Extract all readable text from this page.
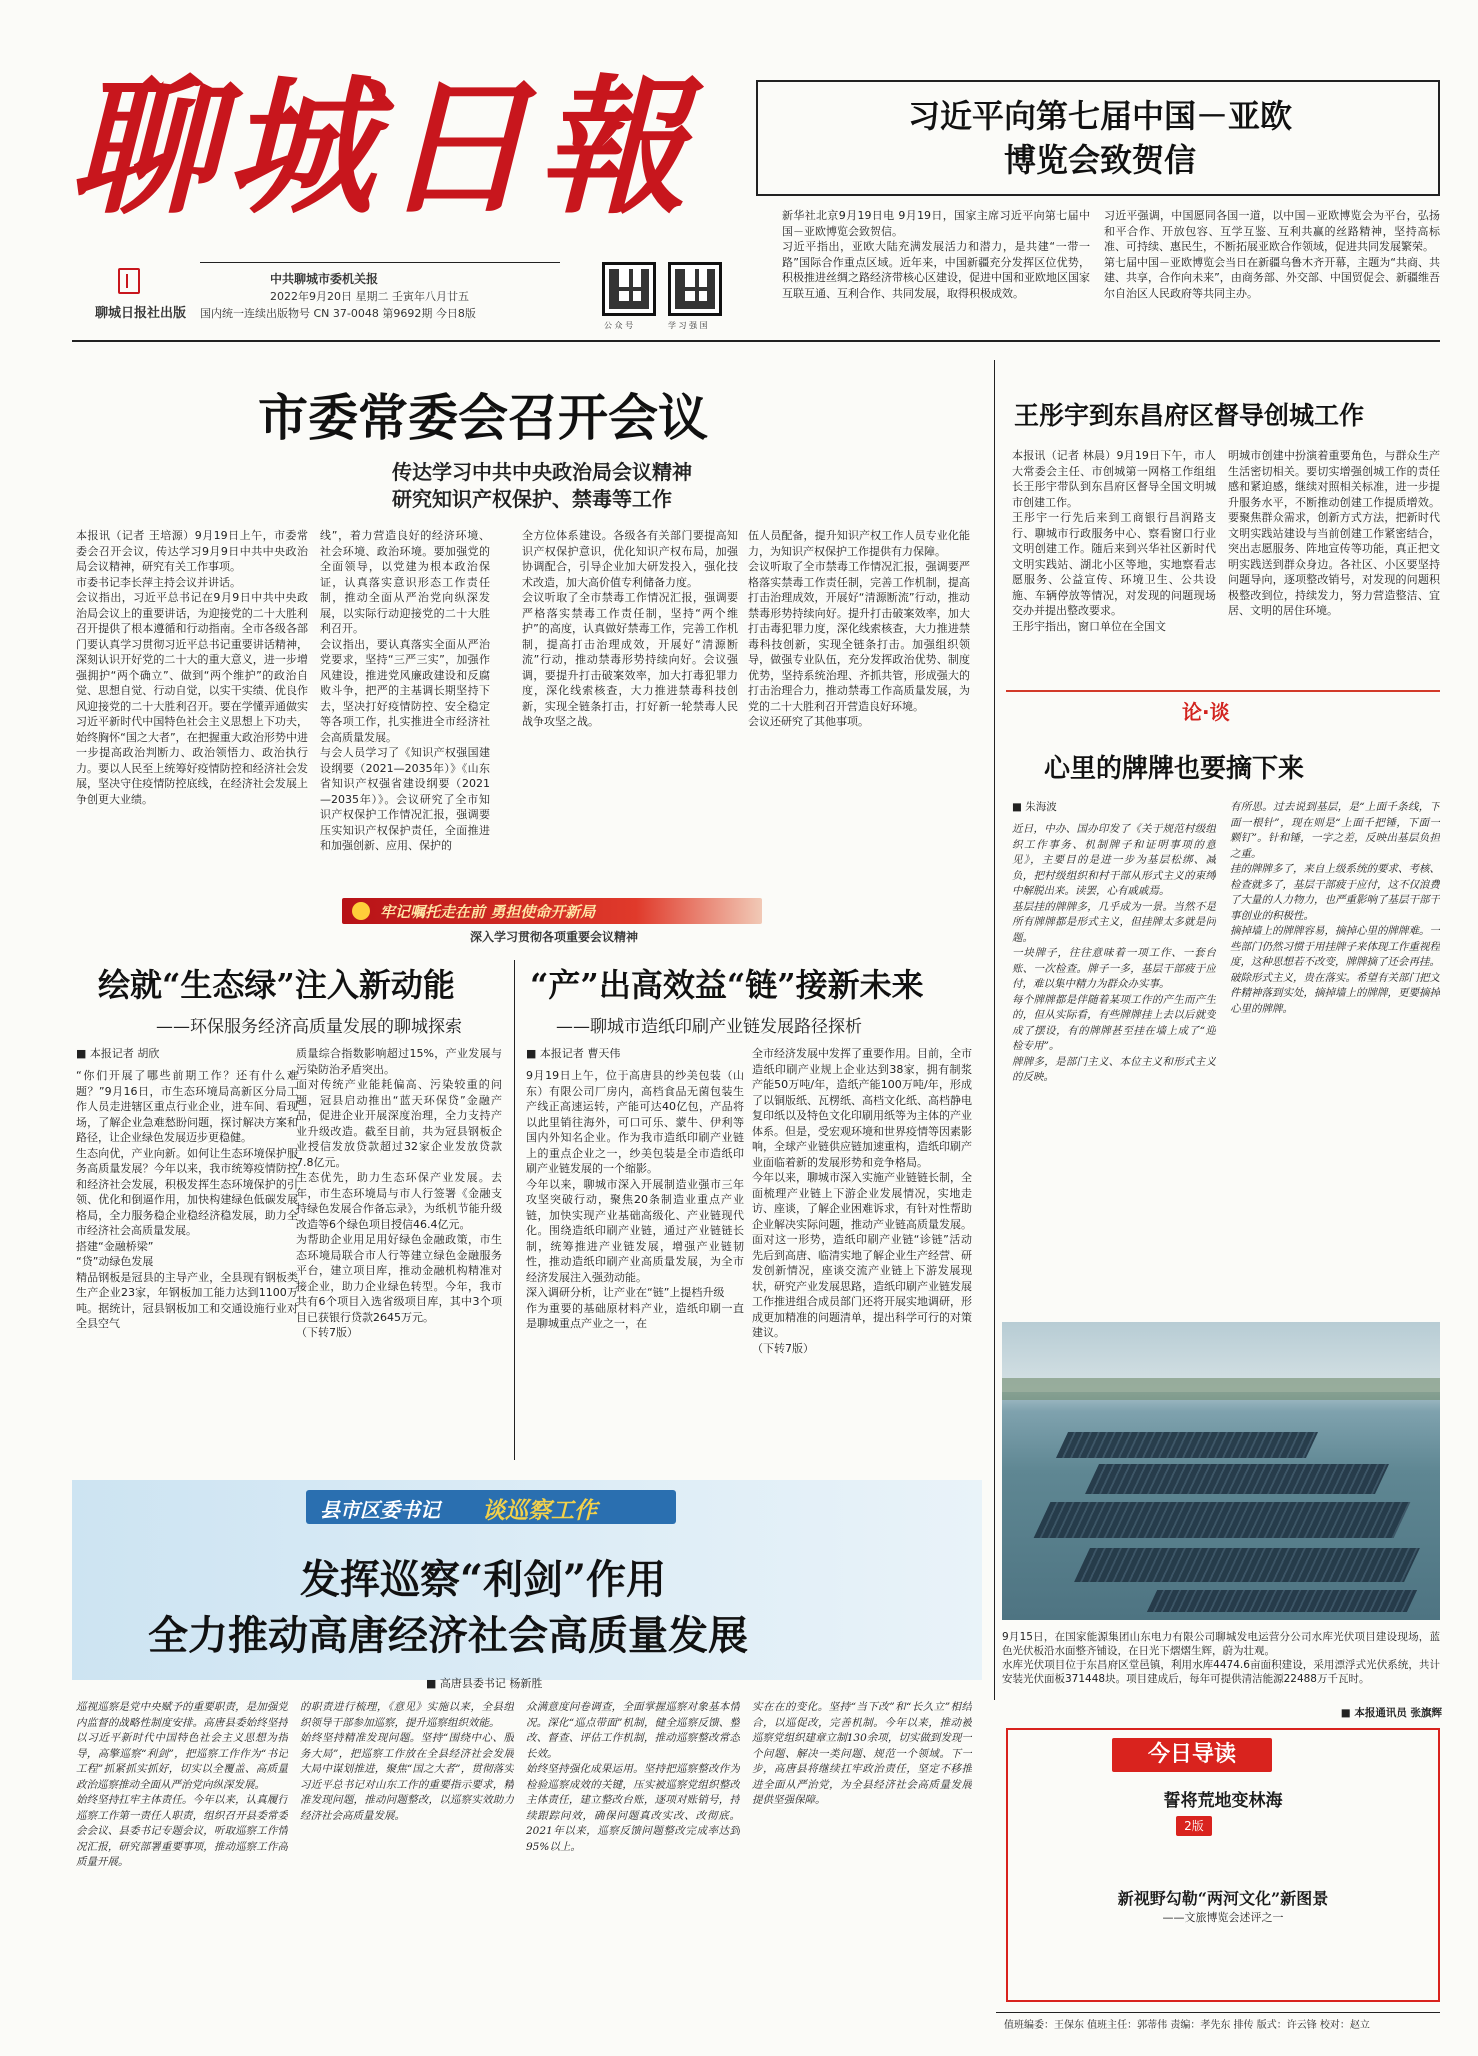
聊城日報
聊城日报社出版
中共聊城市委机关报
2022年9月20日 星期二 壬寅年八月廿五
国内统一连续出版物号 CN 37-0048 第9692期 今日8版
公 众 号	学 习 强 国
习近平向第七届中国－亚欧
博览会致贺信
新华社北京9月19日电 9月19日，国家主席习近平向第七届中国－亚欧博览会致贺信。
习近平指出，亚欧大陆充满发展活力和潜力，是共建“一带一路”国际合作重点区域。近年来，中国新疆充分发挥区位优势，积极推进丝绸之路经济带核心区建设，促进中国和亚欧地区国家互联互通、互利合作、共同发展，取得积极成效。
习近平强调，中国愿同各国一道，以中国－亚欧博览会为平台，弘扬和平合作、开放包容、互学互鉴、互利共赢的丝路精神，坚持高标准、可持续、惠民生，不断拓展亚欧合作领域，促进共同发展繁荣。
第七届中国－亚欧博览会当日在新疆乌鲁木齐开幕，主题为“共商、共建、共享，合作向未来”，由商务部、外交部、中国贸促会、新疆维吾尔自治区人民政府等共同主办。
市委常委会召开会议
传达学习中共中央政治局会议精神
研究知识产权保护、禁毒等工作
本报讯（记者 王培源）9月19日上午，市委常委会召开会议，传达学习9月9日中共中央政治局会议精神，研究有关工作事项。
市委书记李长萍主持会议并讲话。
会议指出，习近平总书记在9月9日中共中央政治局会议上的重要讲话，为迎接党的二十大胜利召开提供了根本遵循和行动指南。全市各级各部门要认真学习贯彻习近平总书记重要讲话精神，深刻认识开好党的二十大的重大意义，进一步增强拥护“两个确立”、做到“两个维护”的政治自觉、思想自觉、行动自觉，以实干实绩、优良作风迎接党的二十大胜利召开。要在学懂弄通做实习近平新时代中国特色社会主义思想上下功夫，始终胸怀“国之大者”，在把握重大政治形势中进一步提高政治判断力、政治领悟力、政治执行力。要以人民至上统筹好疫情防控和经济社会发展，坚决守住疫情防控底线，在经济社会发展上争创更大业绩。
线”，着力营造良好的经济环境、社会环境、政治环境。要加强党的全面领导，以党建为根本政治保证，认真落实意识形态工作责任制，推动全面从严治党向纵深发展，以实际行动迎接党的二十大胜利召开。
会议指出，要认真落实全面从严治党要求，坚持“三严三实”，加强作风建设，推进党风廉政建设和反腐败斗争，把严的主基调长期坚持下去，坚决打好疫情防控、安全稳定等各项工作，扎实推进全市经济社会高质量发展。
与会人员学习了《知识产权强国建设纲要（2021—2035年）》《山东省知识产权强省建设纲要（2021—2035年）》。会议研究了全市知识产权保护工作情况汇报，强调要压实知识产权保护责任，全面推进和加强创新、应用、保护的
全方位体系建设。各级各有关部门要提高知识产权保护意识，优化知识产权布局，加强协调配合，引导企业加大研发投入，强化技术改造，加大高价值专利储备力度。
会议听取了全市禁毒工作情况汇报，强调要严格落实禁毒工作责任制，坚持“两个维护”的高度，认真做好禁毒工作，完善工作机制，提高打击治理成效，开展好“清源断流”行动，推动禁毒形势持续向好。会议强调，要提升打击破案效率，加大打毒犯罪力度，深化线索核查，大力推进禁毒科技创新，实现全链条打击，打好新一轮禁毒人民战争攻坚之战。
伍人员配备，提升知识产权工作人员专业化能力，为知识产权保护工作提供有力保障。
会议听取了全市禁毒工作情况汇报，强调要严格落实禁毒工作责任制，完善工作机制，提高打击治理成效，开展好“清源断流”行动，推动禁毒形势持续向好。提升打击破案效率，加大打击毒犯罪力度，深化线索核查，大力推进禁毒科技创新，实现全链条打击。加强组织领导，做强专业队伍，充分发挥政治优势、制度优势，坚持系统治理、齐抓共管，形成强大的打击治理合力，推动禁毒工作高质量发展，为党的二十大胜利召开营造良好环境。
会议还研究了其他事项。
王彤宇到东昌府区督导创城工作
本报讯（记者 林晨）9月19日下午，市人大常委会主任、市创城第一网格工作组组长王彤宇带队到东昌府区督导全国文明城市创建工作。
王彤宇一行先后来到工商银行昌润路支行、聊城市行政服务中心、察看窗口行业文明创建工作。随后来到兴华社区新时代文明实践站、湖北小区等地，实地察看志愿服务、公益宣传、环境卫生、公共设施、车辆停放等情况，对发现的问题现场交办并提出整改要求。
王彤宇指出，窗口单位在全国文
明城市创建中扮演着重要角色，与群众生产生活密切相关。要切实增强创城工作的责任感和紧迫感，继续对照相关标准，进一步提升服务水平，不断推动创建工作提质增效。要聚焦群众需求，创新方式方法，把新时代文明实践站建设与当前创建工作紧密结合，突出志愿服务、阵地宣传等功能，真正把文明实践送到群众身边。各社区、小区要坚持问题导向，逐项整改销号，对发现的问题积极整改到位，持续发力，努力营造整洁、宜居、文明的居住环境。
论·谈
心里的牌牌也要摘下来
■ 朱海波
近日，中办、国办印发了《关于规范村级组织工作事务、机制牌子和证明事项的意见》，主要目的是进一步为基层松绑、减负，把村级组织和村干部从形式主义的束缚中解脱出来。读罢，心有戚戚焉。
基层挂的牌牌多，几乎成为一景。当然不是所有牌牌都是形式主义，但挂牌太多就是问题。
一块牌子，往往意味着一项工作、一套台账、一次检查。牌子一多，基层干部疲于应付，难以集中精力为群众办实事。
每个牌牌都是伴随着某项工作的产生而产生的，但从实际看，有些牌牌挂上去以后就变成了摆设，有的牌牌甚至挂在墙上成了“迎检专用”。
牌牌多，是部门主义、本位主义和形式主义的反映。
有所思。过去说到基层，是“上面千条线，下面一根针”，现在则是“上面千把锤，下面一颗钉”。针和锤，一字之差，反映出基层负担之重。
挂的牌牌多了，来自上级系统的要求、考核、检查就多了，基层干部疲于应付，这不仅浪费了大量的人力物力，也严重影响了基层干部干事创业的积极性。
摘掉墙上的牌牌容易，摘掉心里的牌牌难。一些部门仍然习惯于用挂牌子来体现工作重视程度，这种思想若不改变，牌牌摘了还会再挂。
破除形式主义，贵在落实。希望有关部门把文件精神落到实处，摘掉墙上的牌牌，更要摘掉心里的牌牌。
牢记嘱托走在前 勇担使命开新局
深入学习贯彻各项重要会议精神
绘就“生态绿”注入新动能
——环保服务经济高质量发展的聊城探索
■ 本报记者 胡欣
“你们开展了哪些前期工作？还有什么难题？”9月16日，市生态环境局高新区分局工作人员走进辖区重点行业企业，进车间、看现场，了解企业急难愁盼问题，探讨解决方案和路径，让企业绿色发展迈步更稳健。
生态向优，产业向新。如何让生态环境保护服务高质量发展？今年以来，我市统筹疫情防控和经济社会发展，积极发挥生态环境保护的引领、优化和倒逼作用，加快构建绿色低碳发展格局，全力服务稳企业稳经济稳发展，助力全市经济社会高质量发展。
搭建“金融桥梁”
“贷”动绿色发展
精品钢板是冠县的主导产业，全县现有钢板类生产企业23家，年钢板加工能力达到1100万吨。据统计，冠县钢板加工和交通设施行业对全县空气
质量综合指数影响超过15%，产业发展与污染防治矛盾突出。
面对传统产业能耗偏高、污染较重的问题，冠县启动推出“蓝天环保贷”金融产品，促进企业开展深度治理，全力支持产业升级改造。截至目前，共为冠县钢板企业授信发放贷款超过32家企业发放贷款7.8亿元。
生态优先，助力生态环保产业发展。去年，市生态环境局与市人行签署《金融支持绿色发展合作备忘录》，为纸机节能升级改造等6个绿色项目授信46.4亿元。
为帮助企业用足用好绿色金融政策，市生态环境局联合市人行等建立绿色金融服务平台，建立项目库，推动金融机构精准对接企业，助力企业绿色转型。今年，我市共有6个项目入选省级项目库，其中3个项目已获银行贷款2645万元。
（下转7版）
“产”出高效益“链”接新未来
——聊城市造纸印刷产业链发展路径探析
■ 本报记者 曹天伟
9月19日上午，位于高唐县的纱美包装（山东）有限公司厂房内，高档食品无菌包装生产线正高速运转，产能可达40亿包，产品将以此里销往海外，可口可乐、蒙牛、伊利等国内外知名企业。作为我市造纸印刷产业链上的重点企业之一，纱美包装是全市造纸印刷产业链发展的一个缩影。
今年以来，聊城市深入开展制造业强市三年攻坚突破行动，聚焦20条制造业重点产业链，加快实现产业基础高级化、产业链现代化。围绕造纸印刷产业链，通过产业链链长制，统筹推进产业链发展，增强产业链韧性，推动造纸印刷产业高质量发展，为全市经济发展注入强劲动能。
深入调研分析，让产业在“链”上提档升级
作为重要的基础原材料产业，造纸印刷一直是聊城重点产业之一，在
全市经济发展中发挥了重要作用。目前，全市造纸印刷产业规上企业达到38家，拥有制浆产能50万吨/年，造纸产能100万吨/年，形成了以铜版纸、瓦楞纸、高档文化纸、高档静电复印纸以及特色文化印刷用纸等为主体的产业体系。但是，受宏观环境和世界疫情等因素影响，全球产业链供应链加速重构，造纸印刷产业面临着新的发展形势和竞争格局。
今年以来，聊城市深入实施产业链链长制，全面梳理产业链上下游企业发展情况，实地走访、座谈，了解企业困难诉求，有针对性帮助企业解决实际问题，推动产业链高质量发展。
面对这一形势，造纸印刷产业链“诊链”活动先后到高唐、临清实地了解企业生产经营、研发创新情况，座谈交流产业链上下游发展现状，研究产业发展思路，造纸印刷产业链发展工作推进组合成员部门还将开展实地调研，形成更加精准的问题清单，提出科学可行的对策建议。
（下转7版）
县市区委书记 谈巡察工作
发挥巡察“利剑”作用
全力推动高唐经济社会高质量发展
■ 高唐县委书记 杨新胜
巡视巡察是党中央赋予的重要职责，是加强党内监督的战略性制度安排。高唐县委始终坚持以习近平新时代中国特色社会主义思想为指导，高擎巡察“利剑”，把巡察工作作为“书记工程”抓紧抓实抓好，切实以全覆盖、高质量政治巡察推动全面从严治党向纵深发展。
始终坚持扛牢主体责任。今年以来，认真履行巡察工作第一责任人职责，组织召开县委常委会会议、县委书记专题会议，听取巡察工作情况汇报，研究部署重要事项，推动巡察工作高质量开展。
的职责进行梳理，《意见》实施以来，全县组织领导干部参加巡察，提升巡察组织效能。
始终坚持精准发现问题。坚持“围绕中心、服务大局”，把巡察工作放在全县经济社会发展大局中谋划推进，聚焦“国之大者”，贯彻落实习近平总书记对山东工作的重要指示要求，精准发现问题，推动问题整改，以巡察实效助力经济社会高质量发展。
众满意度问卷调查，全面掌握巡察对象基本情况。深化“巡点带面”机制，健全巡察反馈、整改、督查、评估工作机制，推动巡察整改常态长效。
始终坚持强化成果运用。坚持把巡察整改作为检验巡察成效的关键，压实被巡察党组织整改主体责任，建立整改台账，逐项对账销号，持续跟踪问效，确保问题真改实改、改彻底。2021年以来，巡察反馈问题整改完成率达到95%以上。
实在在的变化。坚持“当下改”和“长久立”相结合，以巡促改，完善机制。今年以来，推动被巡察党组织建章立制130余项，切实做到发现一个问题、解决一类问题、规范一个领域。下一步，高唐县将继续扛牢政治责任，坚定不移推进全面从严治党，为全县经济社会高质量发展提供坚强保障。
9月15日，在国家能源集团山东电力有限公司聊城发电运营分公司水库光伏项目建设现场，蓝色光伏板沿水面整齐铺设，在日光下熠熠生辉，蔚为壮观。
水库光伏项目位于东昌府区堂邑镇，利用水库4474.6亩面积建设，采用漂浮式光伏系统，共计安装光伏面板371448块。项目建成后，每年可提供清洁能源22488万千瓦时。
■ 本报通讯员 张旗辉
今日导读
誓将荒地变林海
2版
新视野勾勒“两河文化”新图景
——文旅博览会述评之一
值班编委：王保东 值班主任：郭蒂伟 责编：孝先东 排传 版式：许云锋 校对：赵立
